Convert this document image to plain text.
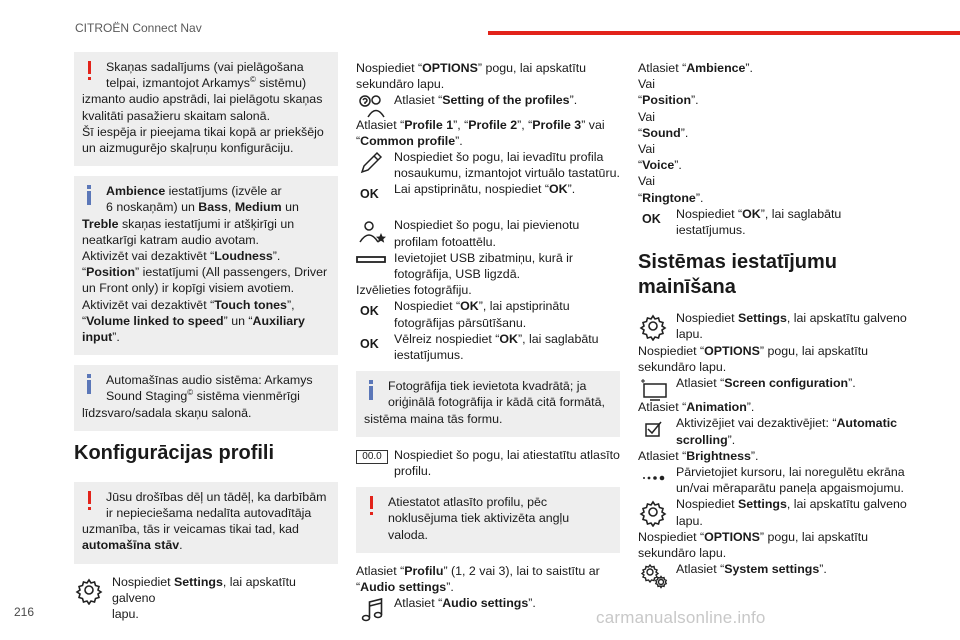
CITROËN Connect Nav
Skaņas sadalījums (vai pielāgošana
telpai, izmantojot Arkamys© sistēmu)
izmanto audio apstrādi, lai pielāgotu skaņas
kvalitāti pasažieru skaitam salonā.
Šī iespēja ir pieejama tikai kopā ar priekšējo
un aizmugurējo skaļruņu konfigurāciju.
Ambience iestatījums (izvēle ar
6 noskaņām) un Bass, Medium un
Treble skaņas iestatījumi ir atšķirīgi un
neatkarīgi katram audio avotam.
Aktivizēt vai dezaktivēt “Loudness”.
“Position” iestatījumi (All passengers, Driver
un Front only) ir kopīgi visiem avotiem.
Aktivizēt vai dezaktivēt “Touch tones”,
“Volume linked to speed” un “Auxiliary
input”.
Automašīnas audio sistēma: Arkamys
Sound Staging© sistēma vienmērīgi
līdzsvaro/sadala skaņu salonā.
Konfigurācijas profili
Jūsu drošības dēļ un tādēļ, ka darbībām
ir nepieciešama nedalīta autovadītāja
uzmanība, tās ir veicamas tikai tad, kad
automašīna stāv.
Nospiediet Settings, lai apskatītu galveno
lapu.
Nospiediet “OPTIONS” pogu, lai apskatītu
sekundāro lapu.
Atlasiet “Setting of the profiles”.
Atlasiet “Profile 1”, “Profile 2”, “Profile 3” vai
“Common profile”.
Nospiediet šo pogu, lai ievadītu profila
nosaukumu, izmantojot virtuālo tastatūru.
OK Lai apstiprinātu, nospiediet “OK”.
Nospiediet šo pogu, lai pievienotu
profilam fotoattēlu.
Ievietojiet USB zibatmiņu, kurā ir
fotogrāfija, USB ligzdā.
Izvēlieties fotogrāfiju.
OK Nospiediet “OK”, lai apstiprinātu
fotogrāfijas pārsūtīšanu.
OK Vēlreiz nospiediet “OK”, lai saglabātu
iestatījumus.
Fotogrāfija tiek ievietota kvadrātā; ja
oriģinālā fotogrāfija ir kādā citā formātā,
sistēma maina tās formu.
00.0 Nospiediet šo pogu, lai atiestatītu atlasīto
profilu.
Atiestatot atlasīto profilu, pēc
noklusējuma tiek aktivizēta angļu valoda.
Atlasiet “Profilu” (1, 2 vai 3), lai to saistītu ar
“Audio settings”.
Atlasiet “Audio settings”.
Atlasiet “Ambience”.
Vai
“Position”.
Vai
“Sound”.
Vai
“Voice”.
Vai
“Ringtone”.
OK Nospiediet “OK”, lai saglabātu
iestatījumus.
Sistēmas iestatījumu
mainīšana
Nospiediet Settings, lai apskatītu galveno
lapu.
Nospiediet “OPTIONS” pogu, lai apskatītu
sekundāro lapu.
Atlasiet “Screen configuration”.
Atlasiet “Animation”.
Aktivizējiet vai dezaktivējiet: “Automatic
scrolling”.
Atlasiet “Brightness”.
Pārvietojiet kursoru, lai noregulētu ekrāna
un/vai mēraparātu paneļa apgaismojumu.
Nospiediet Settings, lai apskatītu galveno
lapu.
Nospiediet “OPTIONS” pogu, lai apskatītu
sekundāro lapu.
Atlasiet “System settings”.
216	carmanualsonline.info
